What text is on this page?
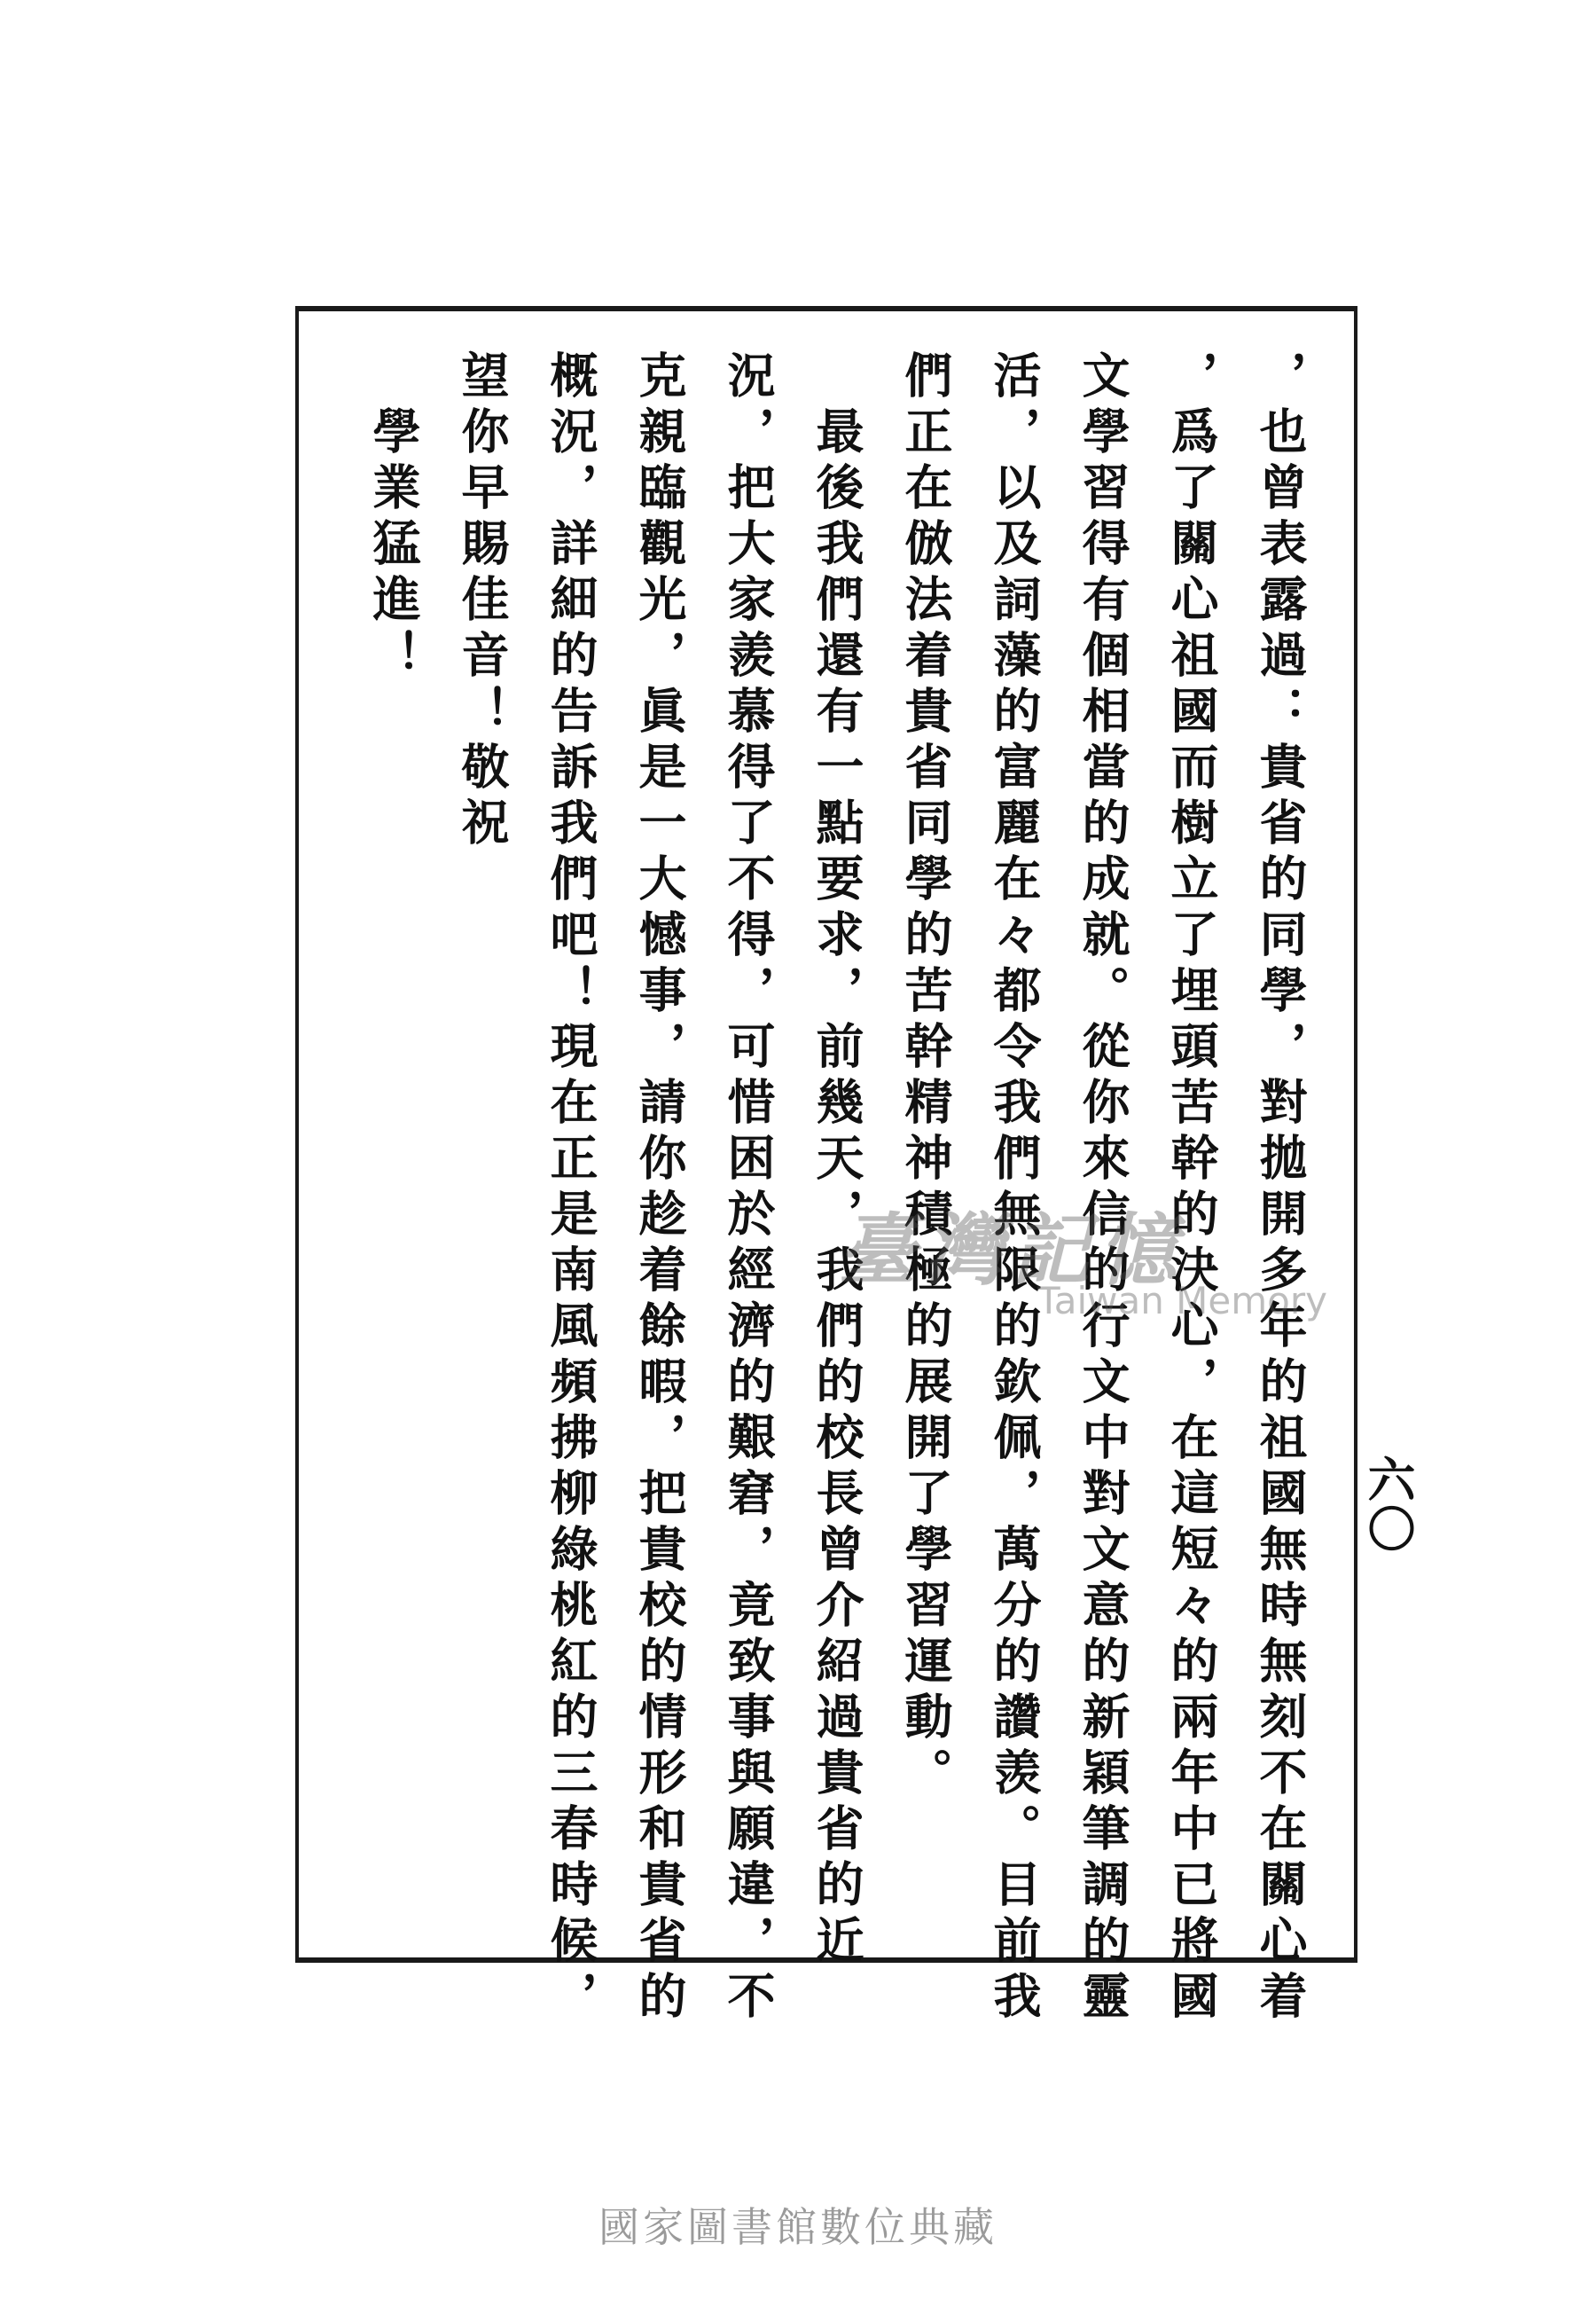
，也曾表露過：貴省的同學，對拋開多年的祖國無時無刻不在關心着
，爲了關心祖國而樹立了埋頭苦幹的決心，在這短々的兩年中已將國
文學習得有個相當的成就。從你來信的行文中對文意的新穎筆調的靈
活，以及詞藻的富麗在々都令我們無限的欽佩，萬分的讚羡。目前我
們正在倣法着貴省同學的苦幹精神積極的展開了學習運動。
　最後我們還有一點要求，前幾天，我們的校長曾介紹過貴省的近
況，把大家羨慕得了不得，可惜困於經濟的艱窘，竟致事與願違，不
克親臨觀光，眞是一大憾事，請你趁着餘暇，把貴校的情形和貴省的
概況，詳細的告訴我們吧！現在正是南風頻拂柳綠桃紅的三春時候，
望你早賜佳音！敬祝
　學業猛進！
六〇
臺灣記憶
Taiwan Memory
國家圖書館數位典藏
